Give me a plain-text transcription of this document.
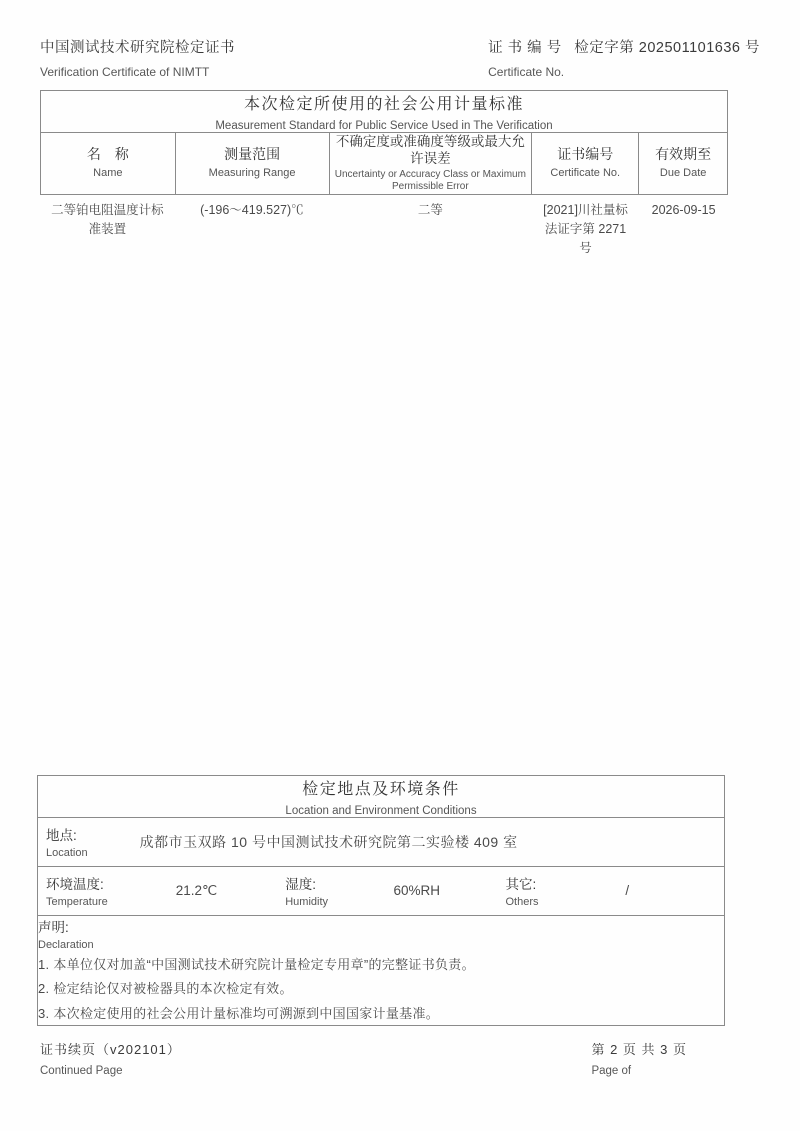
中国测试技术研究院检定证书
Verification Certificate of NIMTT
证 书 编 号 检定字第 202501101636 号
Certificate No.
本次检定所使用的社会公用计量标准
Measurement Standard for Public Service Used in The Verification

名　称
Name

测量范围
Measuring Range

不确定度或准确度等级或最大允许误差
Uncertainty or Accuracy Class or Maximum Permissible Error

证书编号
Certificate No.

有效期至
Due Date
二等铂电阻温度计标准装置	(-196～419.527)℃	二等	[2021]川社量标法证字第 2271 号	2026-09-15
检定地点及环境条件
Location and Environment Conditions

地点:
Location
成都市玉双路 10 号中国测试技术研究院第二实验楼 409 室

环境温度:
Temperature
21.2℃	湿度:
Humidity
60%RH	其它:
Others
/

声明:
Declaration
1. 本单位仅对加盖“中国测试技术研究院计量检定专用章”的完整证书负责。
2. 检定结论仅对被检器具的本次检定有效。
3. 本次检定使用的社会公用计量标准均可溯源到中国国家计量基准。
证书续页（v202101）
Continued Page
第 2 页 共 3 页
Page of
